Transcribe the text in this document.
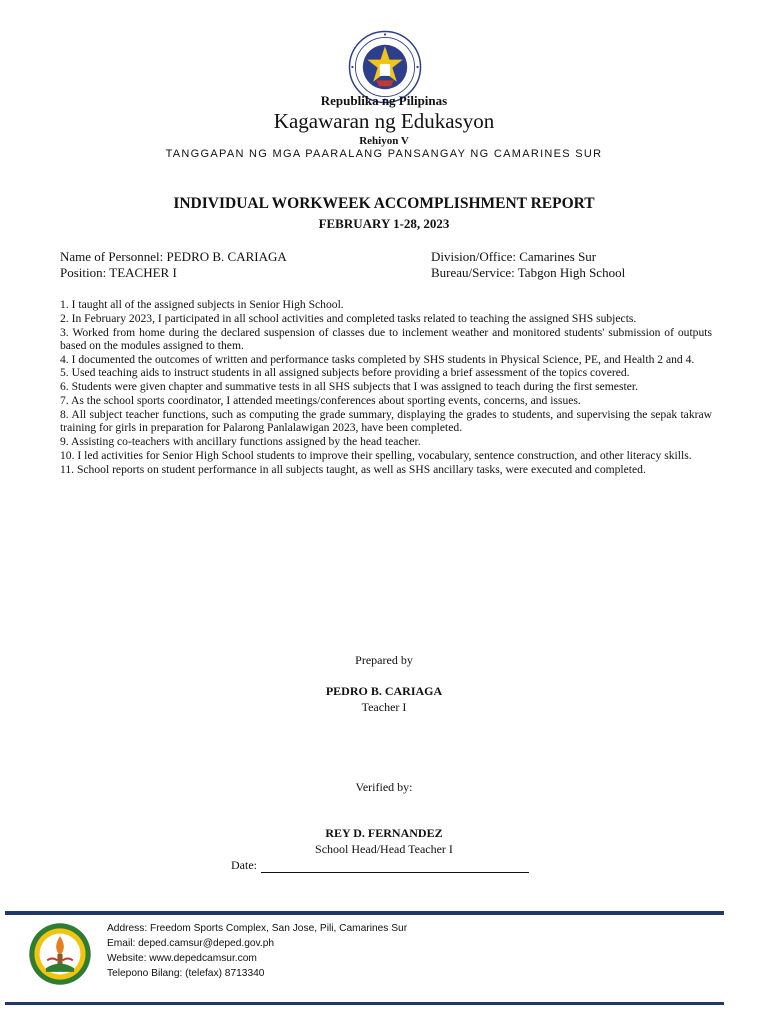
Republika ng Pilipinas
Kagawaran ng Edukasyon
Rehiyon V
TANGGAPAN NG MGA PAARALANG PANSANGAY NG CAMARINES SUR
INDIVIDUAL WORKWEEK ACCOMPLISHMENT REPORT
FEBRUARY 1-28, 2023
Name of Personnel: PEDRO B. CARIAGA
Position: TEACHER I
Division/Office: Camarines Sur
Bureau/Service: Tabgon High School
1. I taught all of the assigned subjects in Senior High School.
2. In February 2023, I participated in all school activities and completed tasks related to teaching the assigned SHS subjects.
3. Worked from home during the declared suspension of classes due to inclement weather and monitored students' submission of outputs based on the modules assigned to them.
4. I documented the outcomes of written and performance tasks completed by SHS students in Physical Science, PE, and Health 2 and 4.
5. Used teaching aids to instruct students in all assigned subjects before providing a brief assessment of the topics covered.
6. Students were given chapter and summative tests in all SHS subjects that I was assigned to teach during the first semester.
7. As the school sports coordinator, I attended meetings/conferences about sporting events, concerns, and issues.
8. All subject teacher functions, such as computing the grade summary, displaying the grades to students, and supervising the sepak takraw training for girls in preparation for Palarong Panlalawigan 2023, have been completed.
9. Assisting co-teachers with ancillary functions assigned by the head teacher.
10. I led activities for Senior High School students to improve their spelling, vocabulary, sentence construction, and other literacy skills.
11. School reports on student performance in all subjects taught, as well as SHS ancillary tasks, were executed and completed.
Prepared by
PEDRO B. CARIAGA
Teacher I
Verified by:
REY D. FERNANDEZ
School Head/Head Teacher I
Date:
Address: Freedom Sports Complex, San Jose, Pili, Camarines Sur
Email: deped.camsur@deped.gov.ph
Website: www.depedcamsur.com
Telepono Bilang: (telefax) 8713340
